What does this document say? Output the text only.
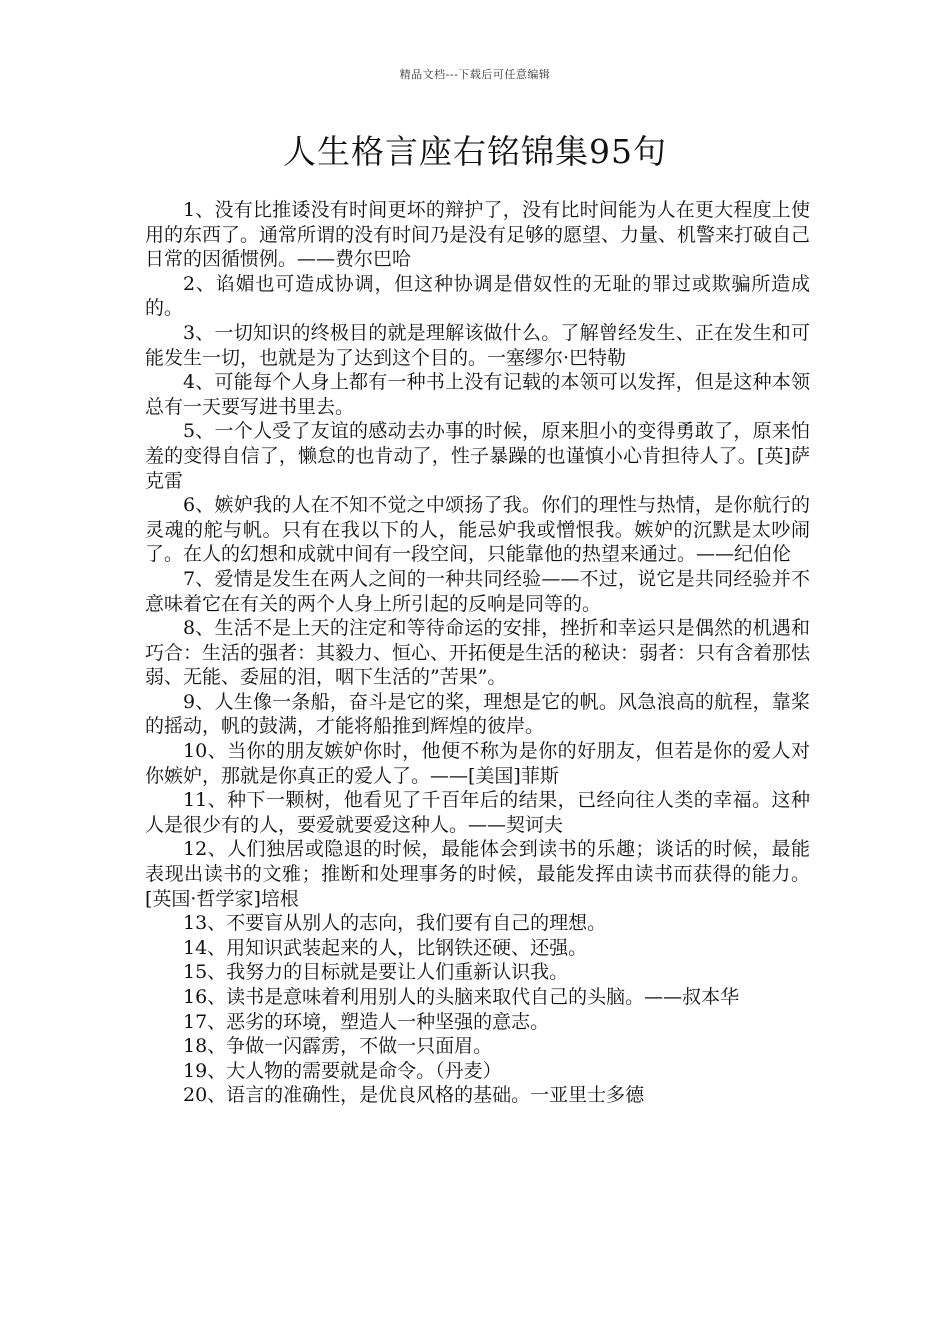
精品文档---下载后可任意编辑
人生格言座右铭锦集95句

1、没有比推诿没有时间更坏的辩护了，没有比时间能为人在更大程度上使用的东西了。通常所谓的没有时间乃是没有足够的愿望、力量、机警来打破自己日常的因循惯例。——费尔巴哈

2、谄媚也可造成协调，但这种协调是借奴性的无耻的罪过或欺骗所造成的。

3、一切知识的终极目的就是理解该做什么。了解曾经发生、正在发生和可能发生一切，也就是为了达到这个目的。一塞缪尔·巴特勒

4、可能每个人身上都有一种书上没有记载的本领可以发挥，但是这种本领总有一天要写进书里去。

5、一个人受了友谊的感动去办事的时候，原来胆小的变得勇敢了，原来怕羞的变得自信了，懒怠的也肯动了，性子暴躁的也谨慎小心肯担待人了。[英]萨克雷

6、嫉妒我的人在不知不觉之中颂扬了我。你们的理性与热情，是你航行的灵魂的舵与帆。只有在我以下的人，能忌妒我或憎恨我。嫉妒的沉默是太吵闹了。在人的幻想和成就中间有一段空间，只能靠他的热望来通过。——纪伯伦

7、爱情是发生在两人之间的一种共同经验——不过，说它是共同经验并不意味着它在有关的两个人身上所引起的反响是同等的。

8、生活不是上天的注定和等待命运的安排，挫折和幸运只是偶然的机遇和巧合：生活的强者：其毅力、恒心、开拓便是生活的秘诀：弱者：只有含着那怯弱、无能、委屈的泪，咽下生活的”苦果”。

9、人生像一条船，奋斗是它的桨，理想是它的帆。风急浪高的航程，靠桨的摇动，帆的鼓满，才能将船推到辉煌的彼岸。

10、当你的朋友嫉妒你时，他便不称为是你的好朋友，但若是你的爱人对你嫉妒，那就是你真正的爱人了。——[美国]菲斯

11、种下一颗树，他看见了千百年后的结果，已经向往人类的幸福。这种人是很少有的人，要爱就要爱这种人。——契诃夫

12、人们独居或隐退的时候，最能体会到读书的乐趣；谈话的时候，最能表现出读书的文雅；推断和处理事务的时候，最能发挥由读书而获得的能力。[英国·哲学家]培根

13、不要盲从别人的志向，我们要有自己的理想。

14、用知识武装起来的人，比钢铁还硬、还强。

15、我努力的目标就是要让人们重新认识我。

16、读书是意味着利用别人的头脑来取代自己的头脑。——叔本华

17、恶劣的环境，塑造人一种坚强的意志。

18、争做一闪霹雳，不做一只面眉。

19、大人物的需要就是命令。（丹麦）

20、语言的准确性，是优良风格的基础。一亚里士多德
